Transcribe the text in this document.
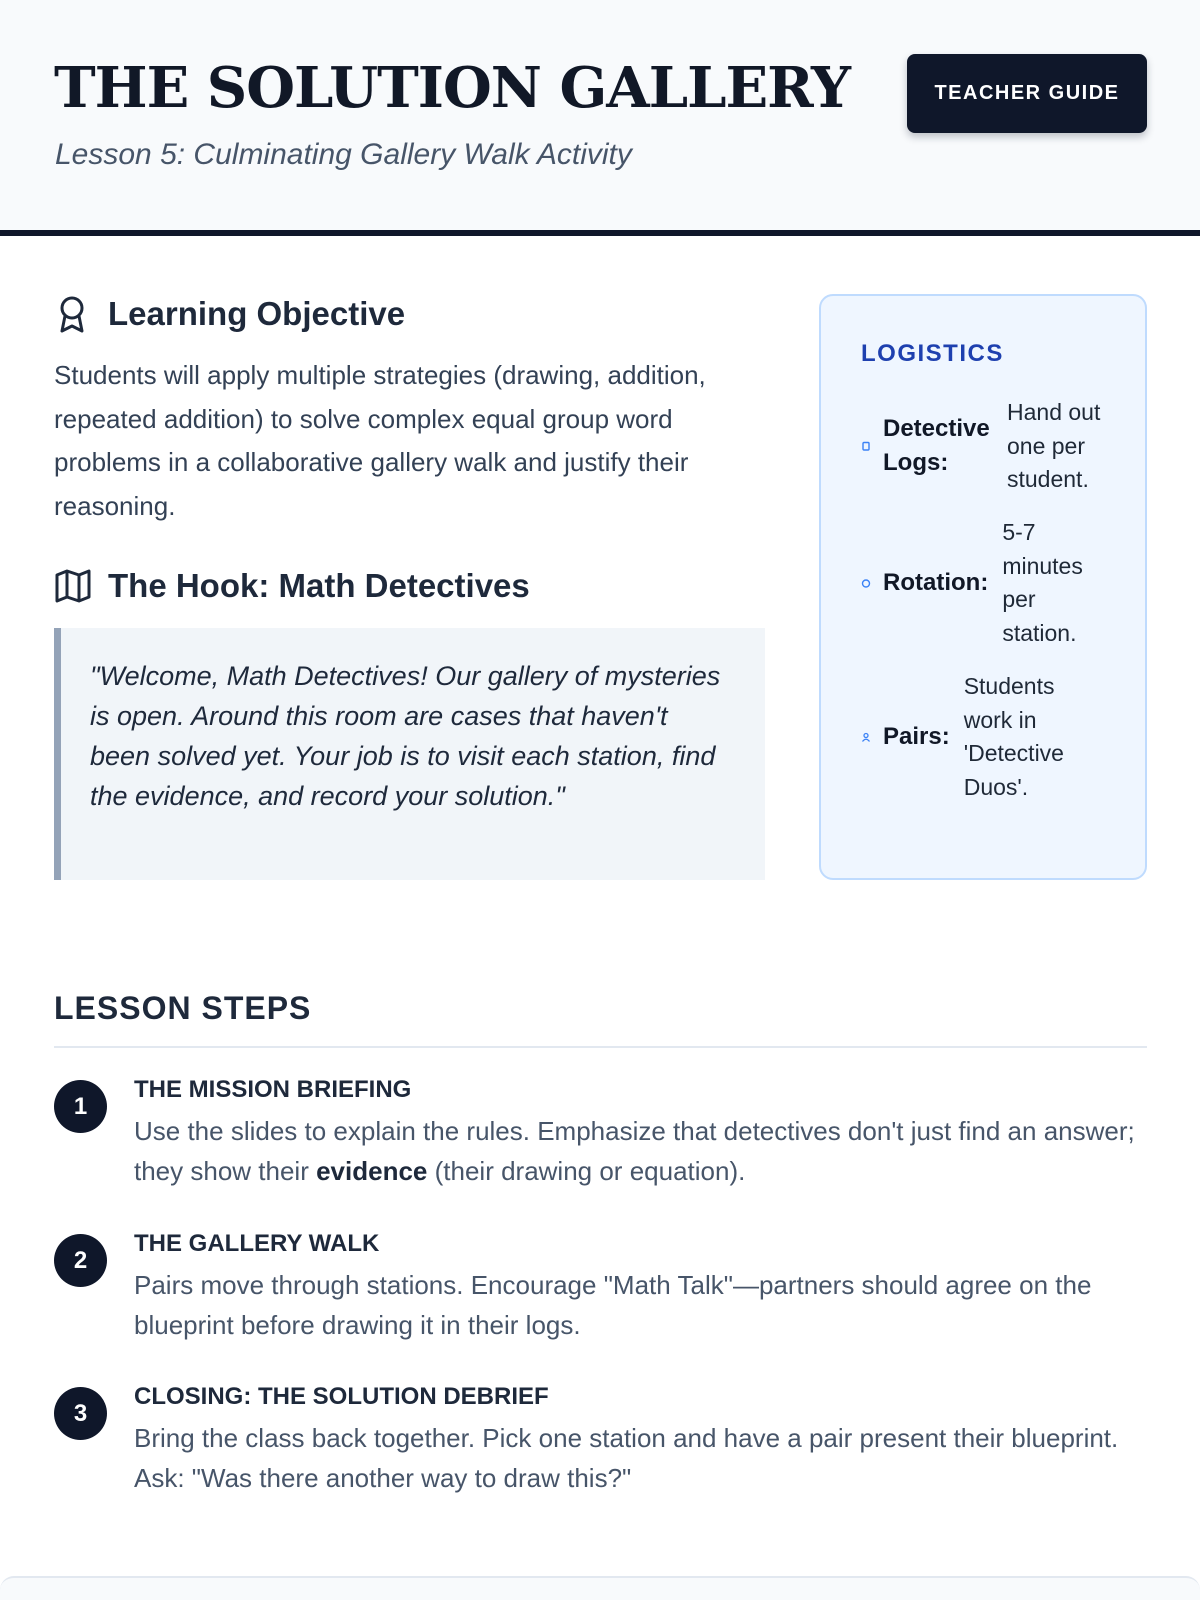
THE SOLUTION GALLERY
Lesson 5: Culminating Gallery Walk Activity
TEACHER GUIDE
Learning Objective

Students will apply multiple strategies (drawing, addition, repeated addition) to solve complex equal group word problems in a collaborative gallery walk and justify their reasoning.

The Hook: Math Detectives
"Welcome, Math Detectives! Our gallery of mysteries is open. Around this room are cases that haven't been solved yet. Your job is to visit each station, find the evidence, and record your solution."
LOGISTICS
Detective Logs:
Hand out one per student.
Rotation:
5-7 minutes per station.
Pairs:
Students work in 'Detective Duos'.
LESSON STEPS
1
THE MISSION BRIEFING

Use the slides to explain the rules. Emphasize that detectives don't just find an answer; they show their evidence (their drawing or equation).

2
THE GALLERY WALK

Pairs move through stations. Encourage "Math Talk"—partners should agree on the blueprint before drawing it in their logs.

3
CLOSING: THE SOLUTION DEBRIEF

Bring the class back together. Pick one station and have a pair present their blueprint. Ask: "Was there another way to draw this?"
